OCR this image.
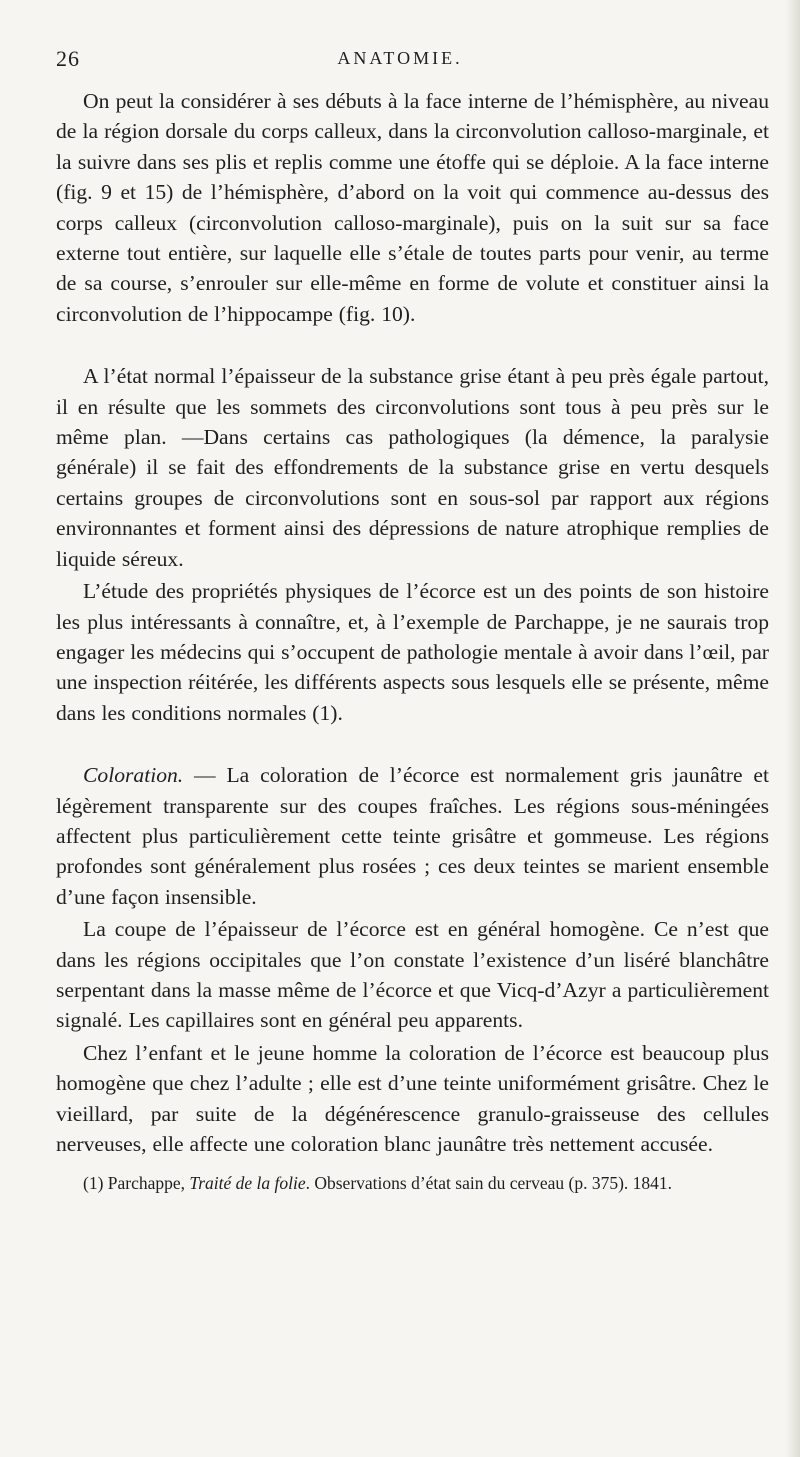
26	ANATOMIE.

On peut la considérer à ses débuts à la face interne de l’hémisphère, au niveau de la région dorsale du corps calleux, dans la circonvolution calloso-marginale, et la suivre dans ses plis et replis comme une étoffe qui se déploie. A la face interne (fig. 9 et 15) de l’hémisphère, d’abord on la voit qui commence au-dessus des corps calleux (circonvolution calloso-marginale), puis on la suit sur sa face externe tout entière, sur laquelle elle s’étale de toutes parts pour venir, au terme de sa course, s’enrouler sur elle-même en forme de volute et constituer ainsi la circonvolution de l’hippocampe (fig. 10).

A l’état normal l’épaisseur de la substance grise étant à peu près égale partout, il en résulte que les sommets des circonvolutions sont tous à peu près sur le même plan. —Dans certains cas pathologiques (la démence, la paralysie générale) il se fait des effondrements de la substance grise en vertu desquels certains groupes de circonvolutions sont en sous-sol par rapport aux régions environnantes et forment ainsi des dépressions de nature atrophique remplies de liquide séreux.

L’étude des propriétés physiques de l’écorce est un des points de son histoire les plus intéressants à connaître, et, à l’exemple de Parchappe, je ne saurais trop engager les médecins qui s’occupent de pathologie mentale à avoir dans l’œil, par une inspection réitérée, les différents aspects sous lesquels elle se présente, même dans les conditions normales (1).

Coloration. — La coloration de l’écorce est normalement gris jaunâtre et légèrement transparente sur des coupes fraîches. Les régions sous-méningées affectent plus particulièrement cette teinte grisâtre et gommeuse. Les régions profondes sont généralement plus rosées ; ces deux teintes se marient ensemble d’une façon insensible.

La coupe de l’épaisseur de l’écorce est en général homogène. Ce n’est que dans les régions occipitales que l’on constate l’existence d’un liséré blanchâtre serpentant dans la masse même de l’écorce et que Vicq-d’Azyr a particulièrement signalé. Les capillaires sont en général peu apparents.

Chez l’enfant et le jeune homme la coloration de l’écorce est beaucoup plus homogène que chez l’adulte ; elle est d’une teinte uniformément grisâtre. Chez le vieillard, par suite de la dégénérescence granulo-graisseuse des cellules nerveuses, elle affecte une coloration blanc jaunâtre très nettement accusée.

(1) Parchappe, Traité de la folie. Observations d’état sain du cerveau (p. 375). 1841.
